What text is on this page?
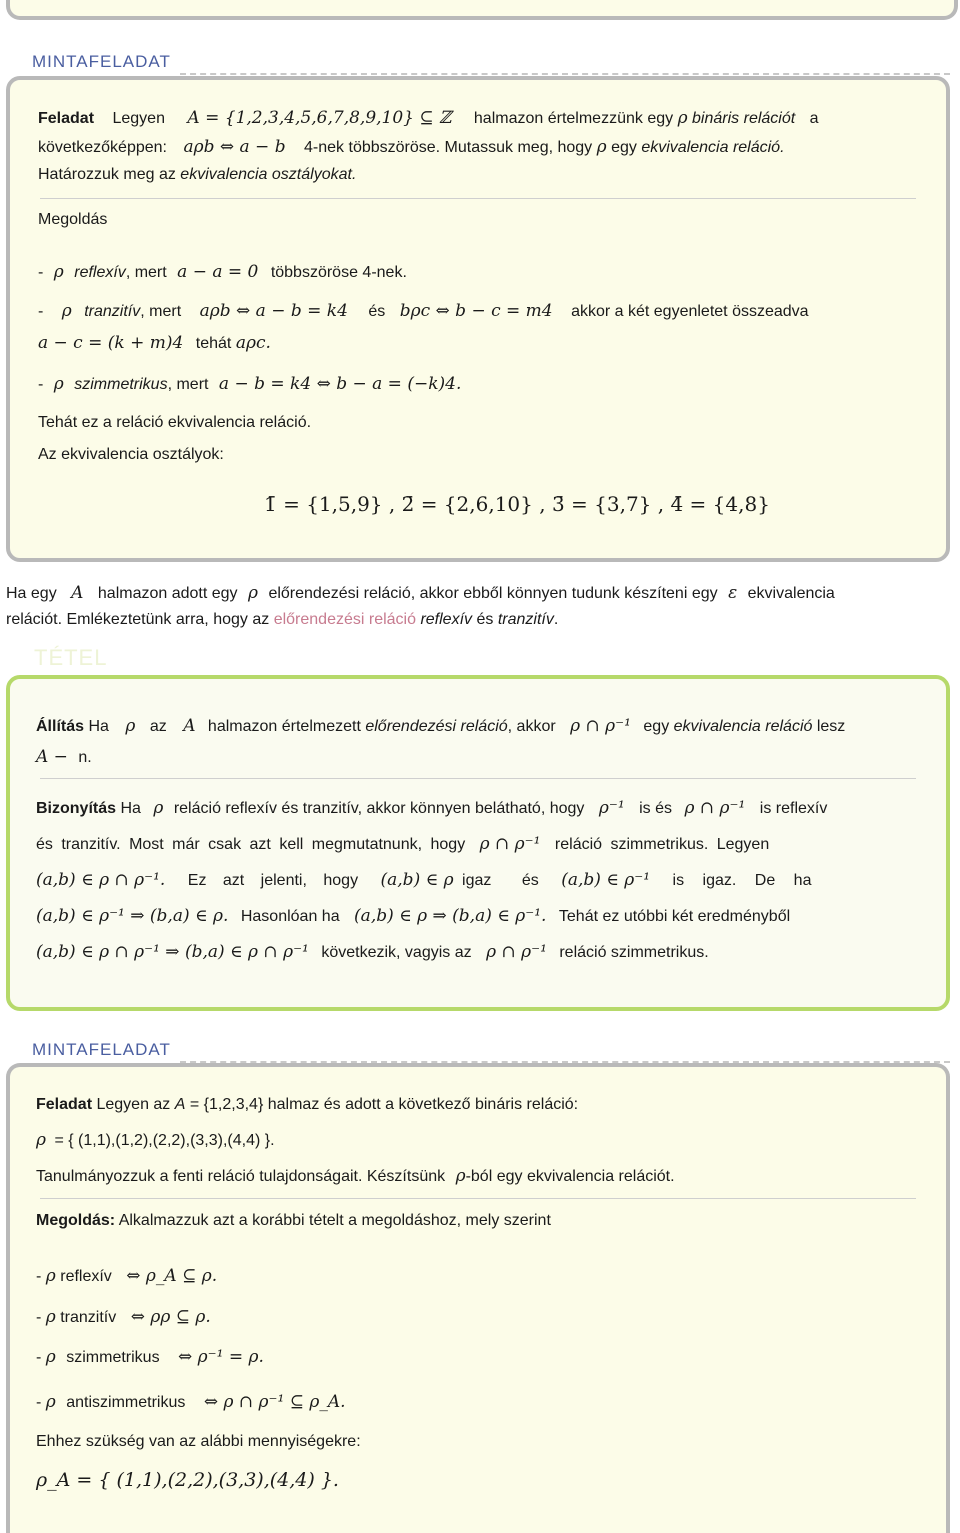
MINTAFELADAT
Feladat Legyen A = {1,2,3,4,5,6,7,8,9,10} ⊆ ℤ halmazon értelmezzünk egy ρ bináris relációt a
következőképpen: aρb ⇔ a − b 4-nek többszöröse. Mutassuk meg, hogy ρ egy ekvivalencia reláció.
Határozzuk meg az ekvivalencia osztályokat.
Megoldás
- ρ reflexív, mert a − a = 0 többszöröse 4-nek.
- ρ tranzitív, mert aρb ⇔ a − b = k4 és bρc ⇔ b − c = m4 akkor a két egyenletet összeadva
a − c = (k + m)4 tehát aρc.
- ρ szimmetrikus, mert a − b = k4 ⇔ b − a = (−k)4.
Tehát ez a reláció ekvivalencia reláció.
Az ekvivalencia osztályok:
1̄ = {1,5,9} , 2̄ = {2,6,10} , 3̄ = {3,7} , 4̄ = {4,8}
Ha egy A halmazon adott egy ρ előrendezési reláció, akkor ebből könnyen tudunk készíteni egy ε ekvivalencia
relációt. Emlékeztetünk arra, hogy az előrendezési reláció reflexív és tranzitív.
TÉTEL
Állítás Ha ρ az A halmazon értelmezett előrendezési reláció, akkor ρ ∩ ρ⁻¹ egy ekvivalencia reláció lesz
A − n.
Bizonyítás Ha ρ reláció reflexív és tranzitív, akkor könnyen belátható, hogy ρ⁻¹ is és ρ ∩ ρ⁻¹ is reflexív
és tranzitív. Most már csak azt kell megmutatnunk, hogy ρ ∩ ρ⁻¹ reláció szimmetrikus. Legyen
(a,b) ∈ ρ ∩ ρ⁻¹. Ez azt jelenti, hogy (a,b) ∈ ρ igaz és (a,b) ∈ ρ⁻¹ is igaz. De ha
(a,b) ∈ ρ⁻¹ ⇒ (b,a) ∈ ρ. Hasonlóan ha (a,b) ∈ ρ ⇒ (b,a) ∈ ρ⁻¹. Tehát ez utóbbi két eredményből
(a,b) ∈ ρ ∩ ρ⁻¹ ⇒ (b,a) ∈ ρ ∩ ρ⁻¹ következik, vagyis az ρ ∩ ρ⁻¹ reláció szimmetrikus.
MINTAFELADAT
Feladat Legyen az A = {1,2,3,4} halmaz és adott a következő bináris reláció:
ρ = { (1,1),(1,2),(2,2),(3,3),(4,4) }.
Tanulmányozzuk a fenti reláció tulajdonságait. Készítsünk ρ-ból egy ekvivalencia relációt.
Megoldás: Alkalmazzuk azt a korábbi tételt a megoldáshoz, mely szerint
- ρ reflexív ⇔ ρ_A ⊆ ρ.
- ρ tranzitív ⇔ ρρ ⊆ ρ.
- ρ szimmetrikus ⇔ ρ⁻¹ = ρ.
- ρ antiszimmetrikus ⇔ ρ ∩ ρ⁻¹ ⊆ ρ_A.
Ehhez szükség van az alábbi mennyiségekre:
ρ_A = { (1,1),(2,2),(3,3),(4,4) }.
